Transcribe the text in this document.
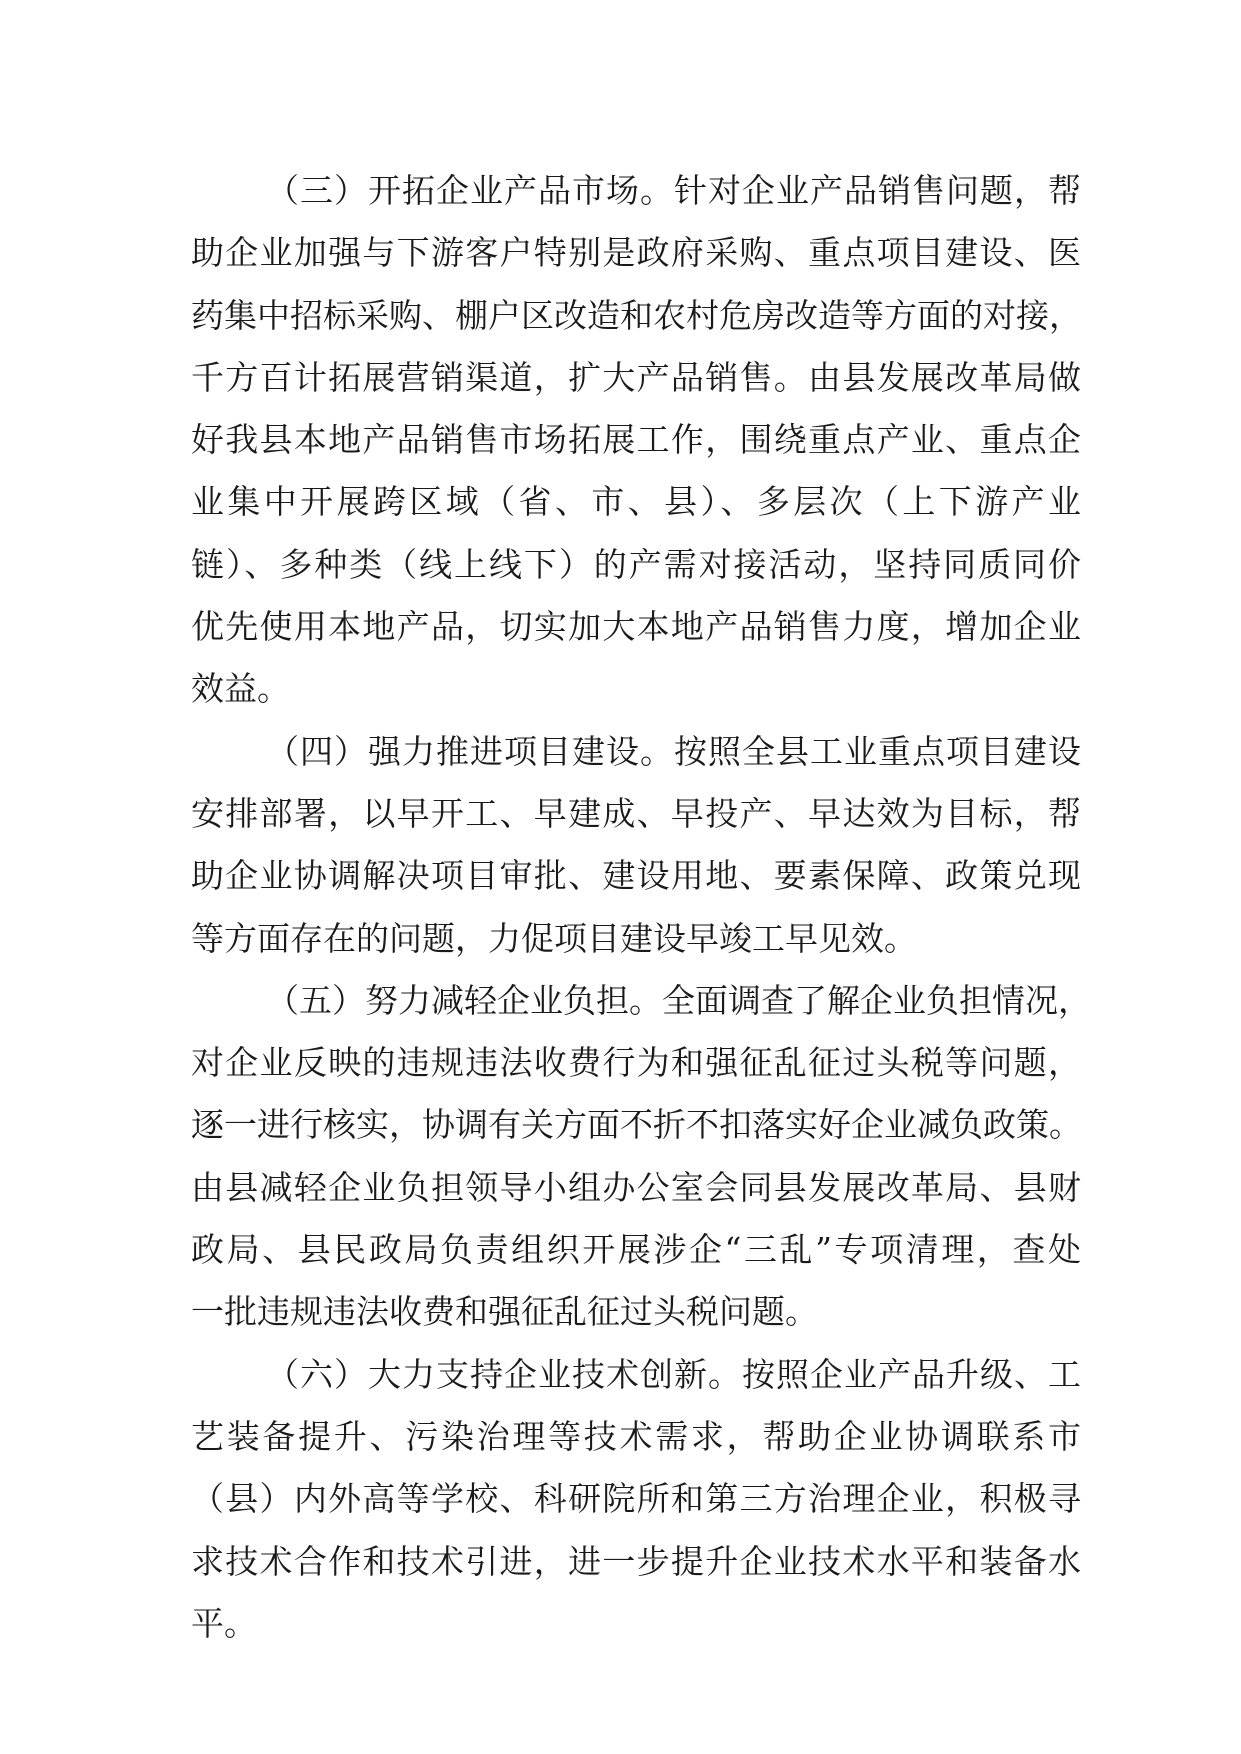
（三）开拓企业产品市场。针对企业产品销售问题，帮
助企业加强与下游客户特别是政府采购、重点项目建设、医
药集中招标采购、棚户区改造和农村危房改造等方面的对接，
千方百计拓展营销渠道，扩大产品销售。由县发展改革局做
好我县本地产品销售市场拓展工作，围绕重点产业、重点企
业集中开展跨区域（省、市、县）、多层次（上下游产业
链）、多种类（线上线下）的产需对接活动，坚持同质同价
优先使用本地产品，切实加大本地产品销售力度，增加企业
效益。
（四）强力推进项目建设。按照全县工业重点项目建设
安排部署，以早开工、早建成、早投产、早达效为目标，帮
助企业协调解决项目审批、建设用地、要素保障、政策兑现
等方面存在的问题，力促项目建设早竣工早见效。
（五）努力减轻企业负担。全面调查了解企业负担情况，
对企业反映的违规违法收费行为和强征乱征过头税等问题，
逐一进行核实，协调有关方面不折不扣落实好企业减负政策。
由县减轻企业负担领导小组办公室会同县发展改革局、县财
政局、县民政局负责组织开展涉企“三乱”专项清理，查处
一批违规违法收费和强征乱征过头税问题。
（六）大力支持企业技术创新。按照企业产品升级、工
艺装备提升、污染治理等技术需求，帮助企业协调联系市
（县）内外高等学校、科研院所和第三方治理企业，积极寻
求技术合作和技术引进，进一步提升企业技术水平和装备水
平。
